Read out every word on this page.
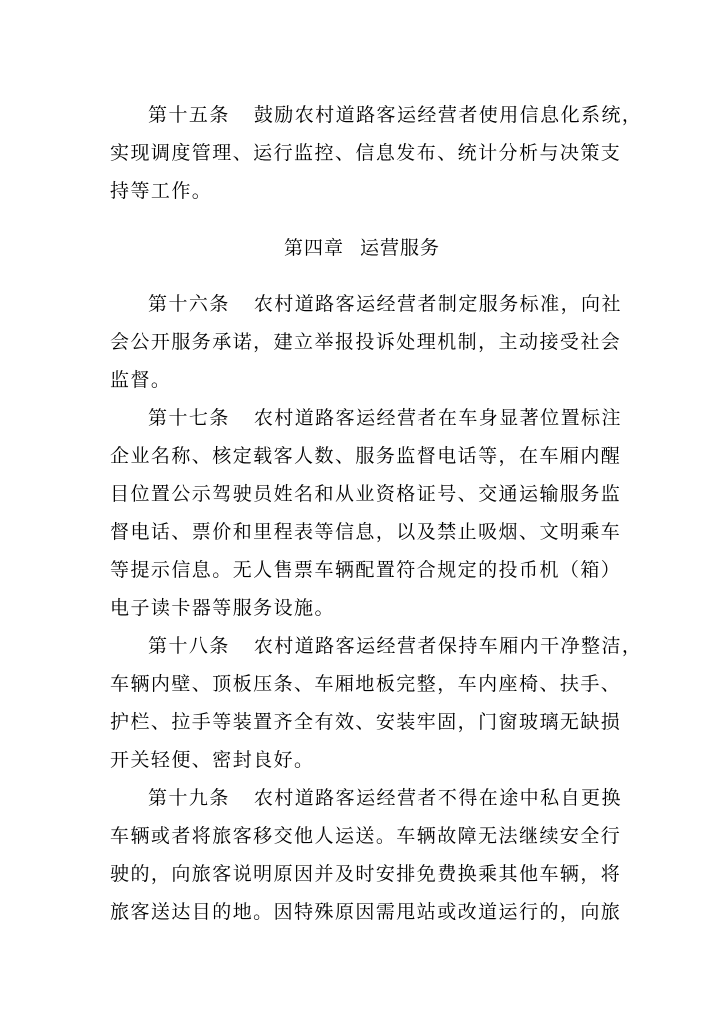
第十五条 鼓励农村道路客运经营者使用信息化系统，
实现调度管理、运行监控、信息发布、统计分析与决策支
持等工作。
第四章 运营服务
第十六条 农村道路客运经营者制定服务标准，向社
会公开服务承诺，建立举报投诉处理机制，主动接受社会
监督。
第十七条 农村道路客运经营者在车身显著位置标注
企业名称、核定载客人数、服务监督电话等，在车厢内醒
目位置公示驾驶员姓名和从业资格证号、交通运输服务监
督电话、票价和里程表等信息，以及禁止吸烟、文明乘车
等提示信息。无人售票车辆配置符合规定的投币机（箱）
电子读卡器等服务设施。
第十八条 农村道路客运经营者保持车厢内干净整洁，
车辆内壁、顶板压条、车厢地板完整，车内座椅、扶手、
护栏、拉手等装置齐全有效、安装牢固，门窗玻璃无缺损
开关轻便、密封良好。
第十九条 农村道路客运经营者不得在途中私自更换
车辆或者将旅客移交他人运送。车辆故障无法继续安全行
驶的，向旅客说明原因并及时安排免费换乘其他车辆，将
旅客送达目的地。因特殊原因需甩站或改道运行的，向旅
